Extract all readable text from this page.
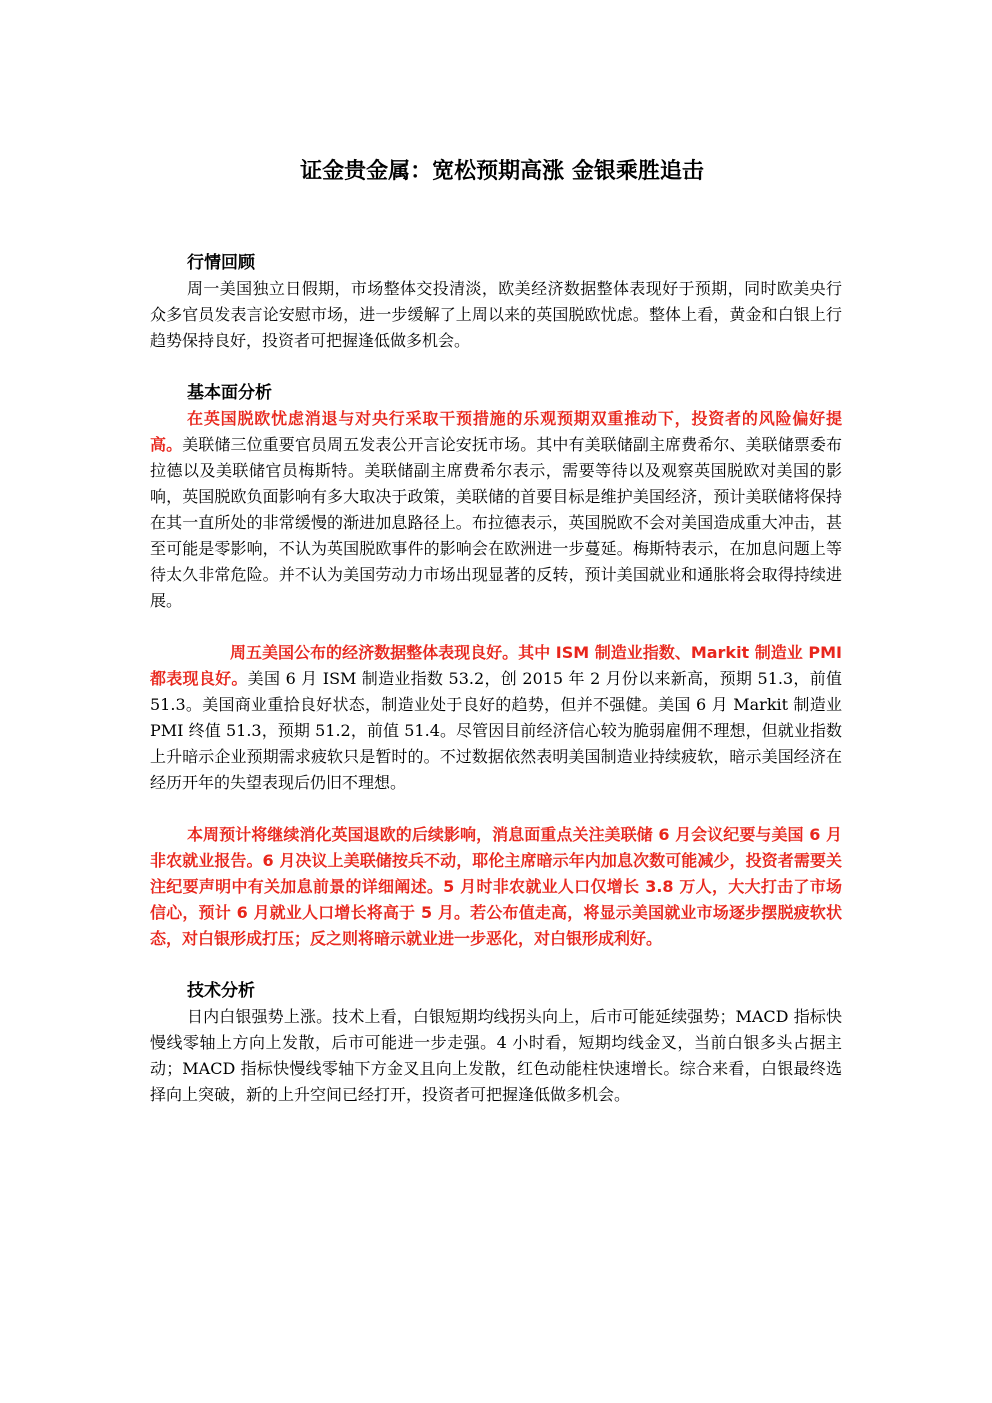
证金贵金属：宽松预期高涨 金银乘胜追击
行情回顾

周一美国独立日假期，市场整体交投清淡，欧美经济数据整体表现好于预期，同时欧美央行众多官员发表言论安慰市场，进一步缓解了上周以来的英国脱欧忧虑。整体上看，黄金和白银上行趋势保持良好，投资者可把握逢低做多机会。

基本面分析

在英国脱欧忧虑消退与对央行采取干预措施的乐观预期双重推动下，投资者的风险偏好提高。美联储三位重要官员周五发表公开言论安抚市场。其中有美联储副主席费希尔、美联储票委布拉德以及美联储官员梅斯特。美联储副主席费希尔表示，需要等待以及观察英国脱欧对美国的影响，英国脱欧负面影响有多大取决于政策，美联储的首要目标是维护美国经济，预计美联储将保持在其一直所处的非常缓慢的渐进加息路径上。布拉德表示，英国脱欧不会对美国造成重大冲击，甚至可能是零影响，不认为英国脱欧事件的影响会在欧洲进一步蔓延。梅斯特表示，在加息问题上等待太久非常危险。并不认为美国劳动力市场出现显著的反转，预计美国就业和通胀将会取得持续进展。

周五美国公布的经济数据整体表现良好。其中 ISM 制造业指数、Markit 制造业 PMI 都表现良好。美国 6 月 ISM 制造业指数 53.2，创 2015 年 2 月份以来新高，预期 51.3，前值 51.3。美国商业重拾良好状态，制造业处于良好的趋势，但并不强健。美国 6 月 Markit 制造业 PMI 终值 51.3，预期 51.2，前值 51.4。尽管因目前经济信心较为脆弱雇佣不理想，但就业指数上升暗示企业预期需求疲软只是暂时的。不过数据依然表明美国制造业持续疲软，暗示美国经济在经历开年的失望表现后仍旧不理想。

本周预计将继续消化英国退欧的后续影响，消息面重点关注美联储 6 月会议纪要与美国 6 月非农就业报告。6 月决议上美联储按兵不动，耶伦主席暗示年内加息次数可能减少，投资者需要关注纪要声明中有关加息前景的详细阐述。5 月时非农就业人口仅增长 3.8 万人，大大打击了市场信心，预计 6 月就业人口增长将高于 5 月。若公布值走高，将显示美国就业市场逐步摆脱疲软状态，对白银形成打压；反之则将暗示就业进一步恶化，对白银形成利好。

技术分析

日内白银强势上涨。技术上看，白银短期均线拐头向上，后市可能延续强势；MACD 指标快慢线零轴上方向上发散，后市可能进一步走强。4 小时看，短期均线金叉，当前白银多头占据主动；MACD 指标快慢线零轴下方金叉且向上发散，红色动能柱快速增长。综合来看，白银最终选择向上突破，新的上升空间已经打开，投资者可把握逢低做多机会。
